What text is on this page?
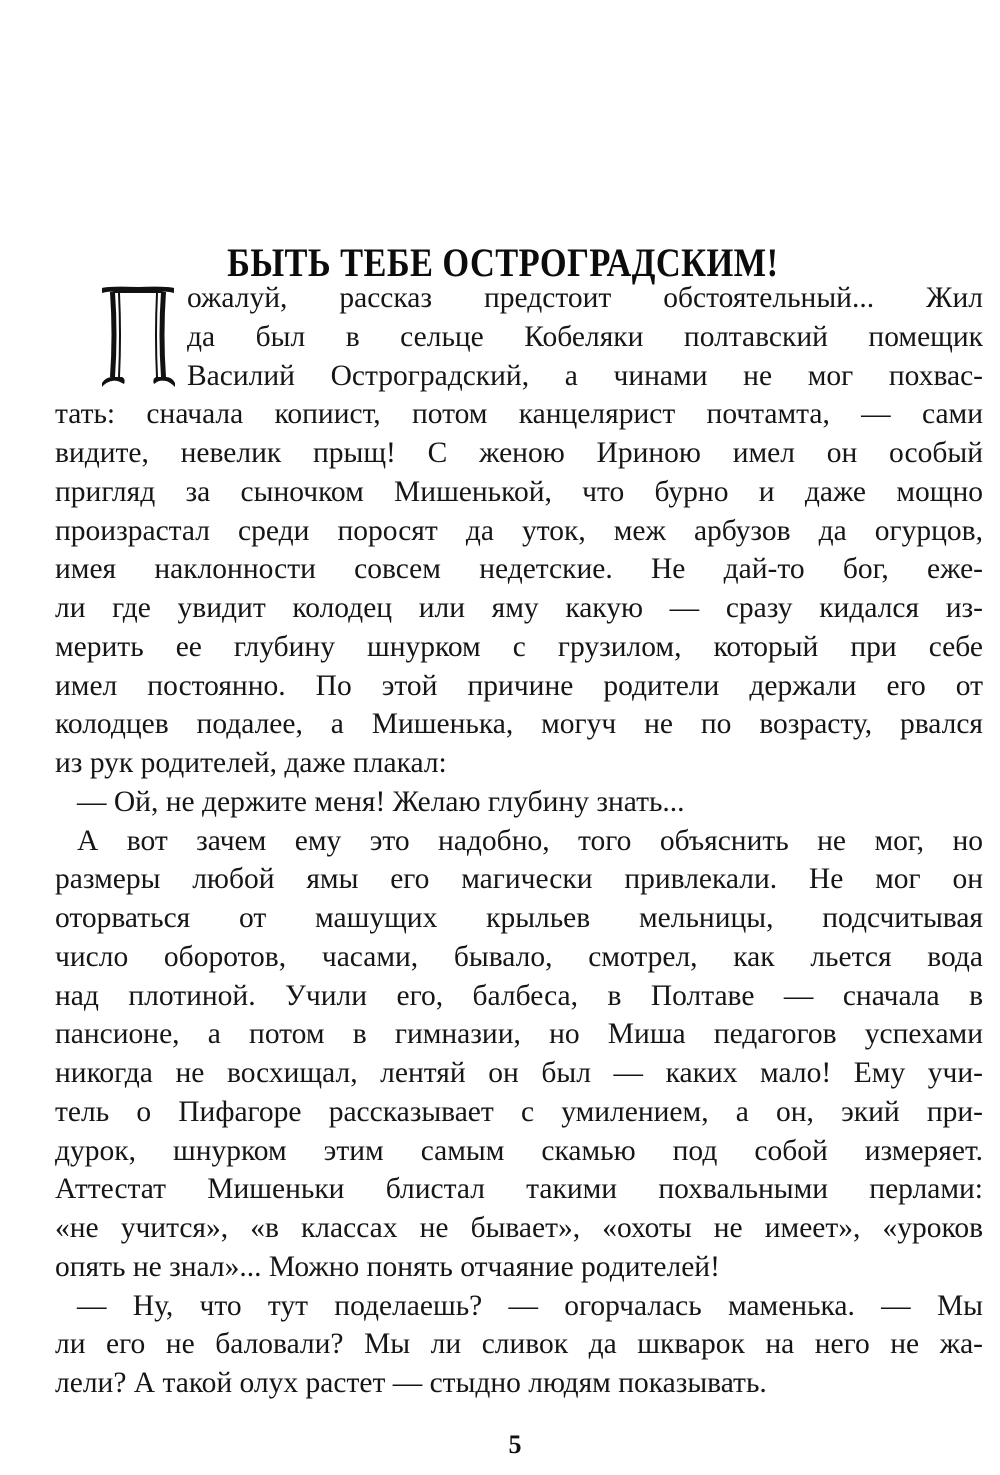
БЫТЬ ТЕБЕ ОСТРОГРАДСКИМ!
ожалуй, рассказ предстоит обстоятельный... Жил
да был в сельце Кобеляки полтавский помещик
Василий Остроградский, а чинами не мог похвас-
тать: сначала копиист, потом канцелярист почтамта, — сами
видите, невелик прыщ! С женою Ириною имел он особый
пригляд за сыночком Мишенькой, что бурно и даже мощно
произрастал среди поросят да уток, меж арбузов да огурцов,
имея наклонности совсем недетские. Не дай-то бог, еже-
ли где увидит колодец или яму какую — сразу кидался из-
мерить ее глубину шнурком с грузилом, который при себе
имел постоянно. По этой причине родители держали его от
колодцев подалее, а Мишенька, могуч не по возрасту, рвался
из рук родителей, даже плакал:
— Ой, не держите меня! Желаю глубину знать...
А вот зачем ему это надобно, того объяснить не мог, но
размеры любой ямы его магически привлекали. Не мог он
оторваться от машущих крыльев мельницы, подсчитывая
число оборотов, часами, бывало, смотрел, как льется вода
над плотиной. Учили его, балбеса, в Полтаве — сначала в
пансионе, а потом в гимназии, но Миша педагогов успехами
никогда не восхищал, лентяй он был — каких мало! Ему учи-
тель о Пифагоре рассказывает с умилением, а он, экий при-
дурок, шнурком этим самым скамью под собой измеряет.
Аттестат Мишеньки блистал такими похвальными перлами:
«не учится», «в классах не бывает», «охоты не имеет», «уроков
опять не знал»... Можно понять отчаяние родителей!
— Ну, что тут поделаешь? — огорчалась маменька. — Мы
ли его не баловали? Мы ли сливок да шкварок на него не жа-
лели? А такой олух растет — стыдно людям показывать.
5
